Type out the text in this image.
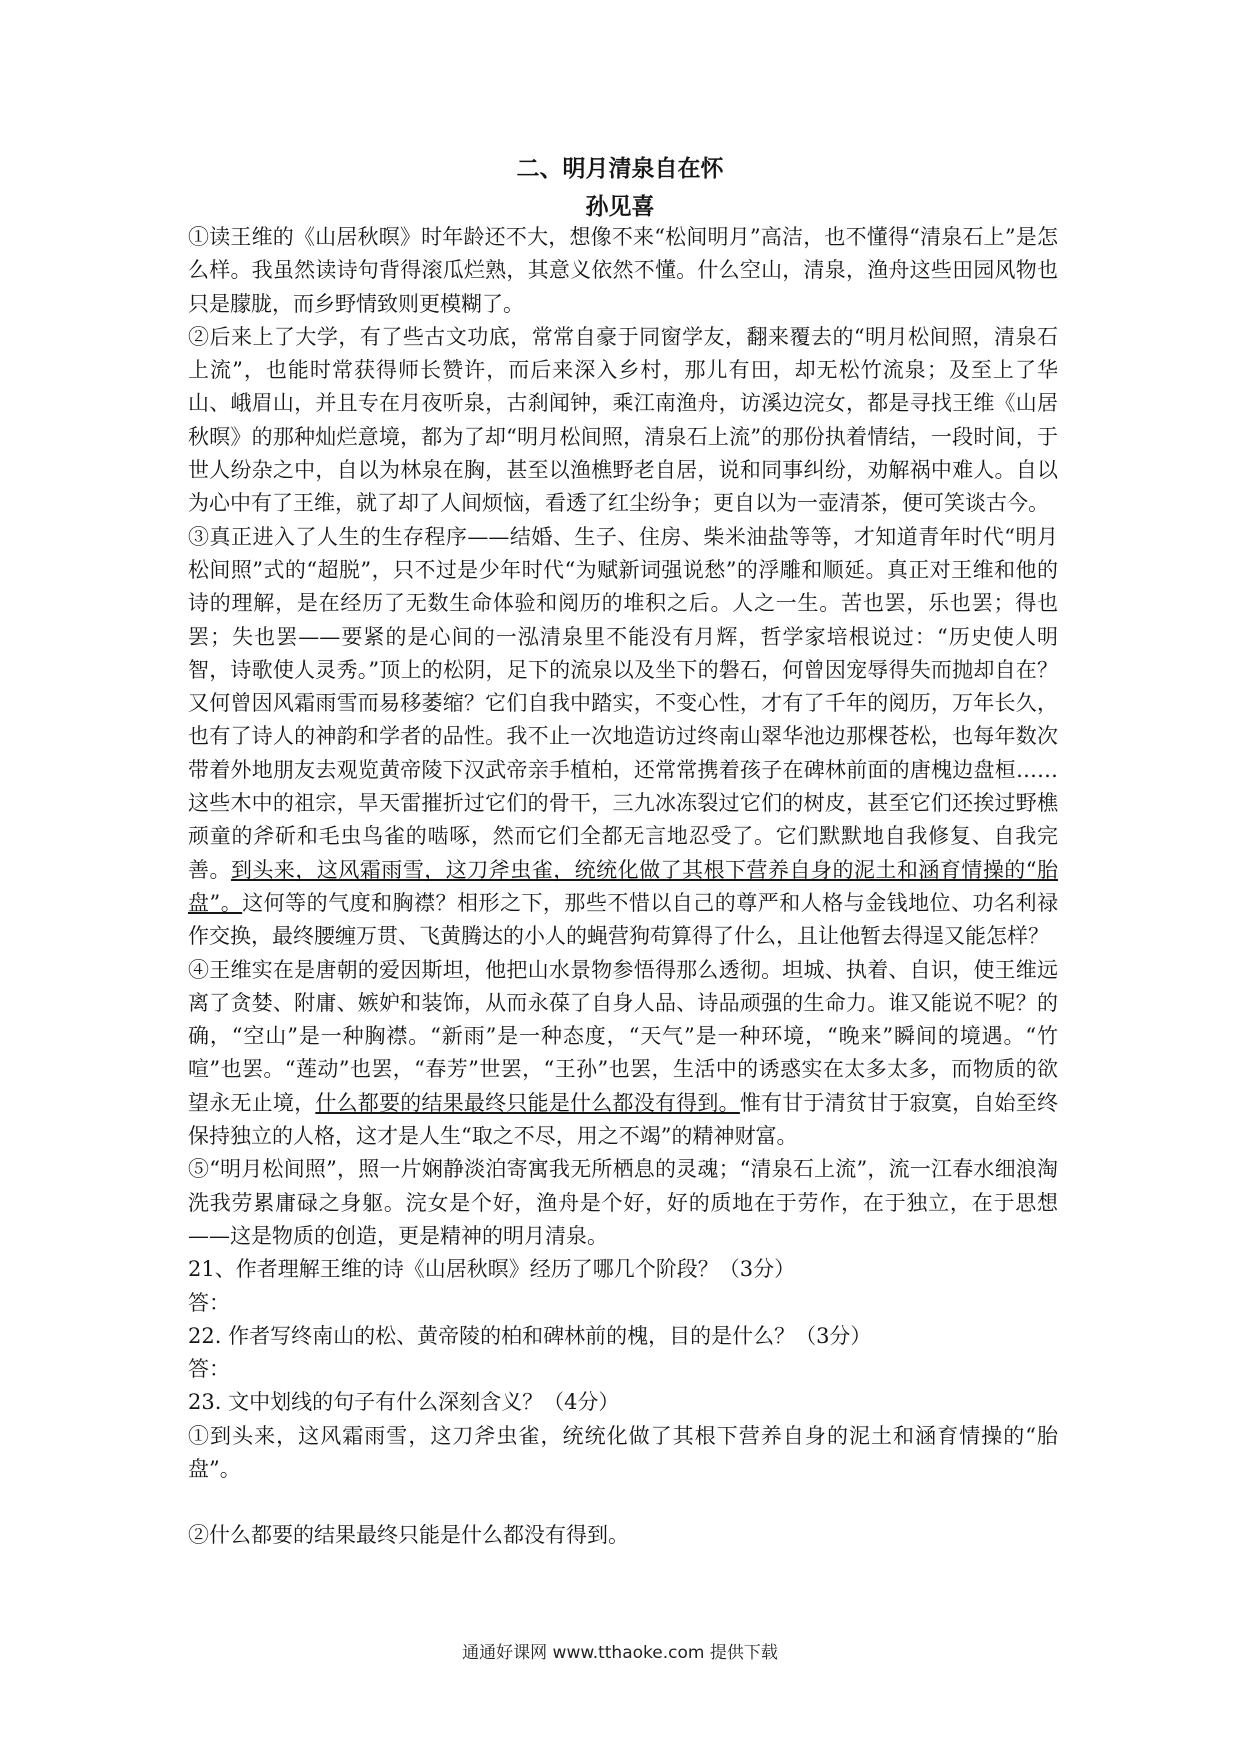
二、明月清泉自在怀
孙见喜

①读王维的《山居秋暝》时年龄还不大，想像不来“松间明月”高洁，也不懂得“清泉石上”是怎么样。我虽然读诗句背得滚瓜烂熟，其意义依然不懂。什么空山，清泉，渔舟这些田园风物也只是朦胧，而乡野情致则更模糊了。

②后来上了大学，有了些古文功底，常常自豪于同窗学友，翻来覆去的“明月松间照，清泉石上流”，也能时常获得师长赞许，而后来深入乡村，那儿有田，却无松竹流泉；及至上了华山、峨眉山，并且专在月夜听泉，古刹闻钟，乘江南渔舟，访溪边浣女，都是寻找王维《山居秋暝》的那种灿烂意境，都为了却“明月松间照，清泉石上流”的那份执着情结，一段时间，于世人纷杂之中，自以为林泉在胸，甚至以渔樵野老自居，说和同事纠纷，劝解祸中难人。自以为心中有了王维，就了却了人间烦恼，看透了红尘纷争；更自以为一壶清茶，便可笑谈古今。

③真正进入了人生的生存程序——结婚、生子、住房、柴米油盐等等，才知道青年时代“明月松间照”式的“超脱”，只不过是少年时代“为赋新词强说愁”的浮雕和顺延。真正对王维和他的诗的理解，是在经历了无数生命体验和阅历的堆积之后。人之一生。苦也罢，乐也罢；得也罢；失也罢——要紧的是心间的一泓清泉里不能没有月辉，哲学家培根说过：“历史使人明智，诗歌使人灵秀。”顶上的松阴，足下的流泉以及坐下的磐石，何曾因宠辱得失而抛却自在？又何曾因风霜雨雪而易移萎缩？它们自我中踏实，不变心性，才有了千年的阅历，万年长久，也有了诗人的神韵和学者的品性。我不止一次地造访过终南山翠华池边那棵苍松，也每年数次带着外地朋友去观览黄帝陵下汉武帝亲手植柏，还常常携着孩子在碑林前面的唐槐边盘桓……这些木中的祖宗，旱天雷摧折过它们的骨干，三九冰冻裂过它们的树皮，甚至它们还挨过野樵顽童的斧斫和毛虫鸟雀的啮啄，然而它们全都无言地忍受了。它们默默地自我修复、自我完善。到头来，这风霜雨雪，这刀斧虫雀，统统化做了其根下营养自身的泥土和涵育情操的“胎盘”。这何等的气度和胸襟？相形之下，那些不惜以自己的尊严和人格与金钱地位、功名利禄作交换，最终腰缠万贯、飞黄腾达的小人的蝇营狗苟算得了什么，且让他暂去得逞又能怎样？

④王维实在是唐朝的爱因斯坦，他把山水景物参悟得那么透彻。坦城、执着、自识，使王维远离了贪婪、附庸、嫉妒和装饰，从而永葆了自身人品、诗品顽强的生命力。谁又能说不呢？的确，“空山”是一种胸襟。“新雨”是一种态度，“天气”是一种环境，“晚来”瞬间的境遇。“竹喧”也罢。“莲动”也罢，“春芳”世罢，“王孙”也罢，生活中的诱惑实在太多太多，而物质的欲望永无止境，什么都要的结果最终只能是什么都没有得到。惟有甘于清贫甘于寂寞，自始至终保持独立的人格，这才是人生“取之不尽，用之不竭”的精神财富。

⑤“明月松间照”，照一片娴静淡泊寄寓我无所栖息的灵魂；“清泉石上流”，流一江春水细浪淘洗我劳累庸碌之身躯。浣女是个好，渔舟是个好，好的质地在于劳作，在于独立，在于思想——这是物质的创造，更是精神的明月清泉。

21、作者理解王维的诗《山居秋暝》经历了哪几个阶段？（3分）

答：

22. 作者写终南山的松、黄帝陵的柏和碑林前的槐，目的是什么？（3分）

答：

23. 文中划线的句子有什么深刻含义？（4分）

①到头来，这风霜雨雪，这刀斧虫雀，统统化做了其根下营养自身的泥土和涵育情操的“胎盘”。

②什么都要的结果最终只能是什么都没有得到。

通通好课网 www.tthaoke.com 提供下载
